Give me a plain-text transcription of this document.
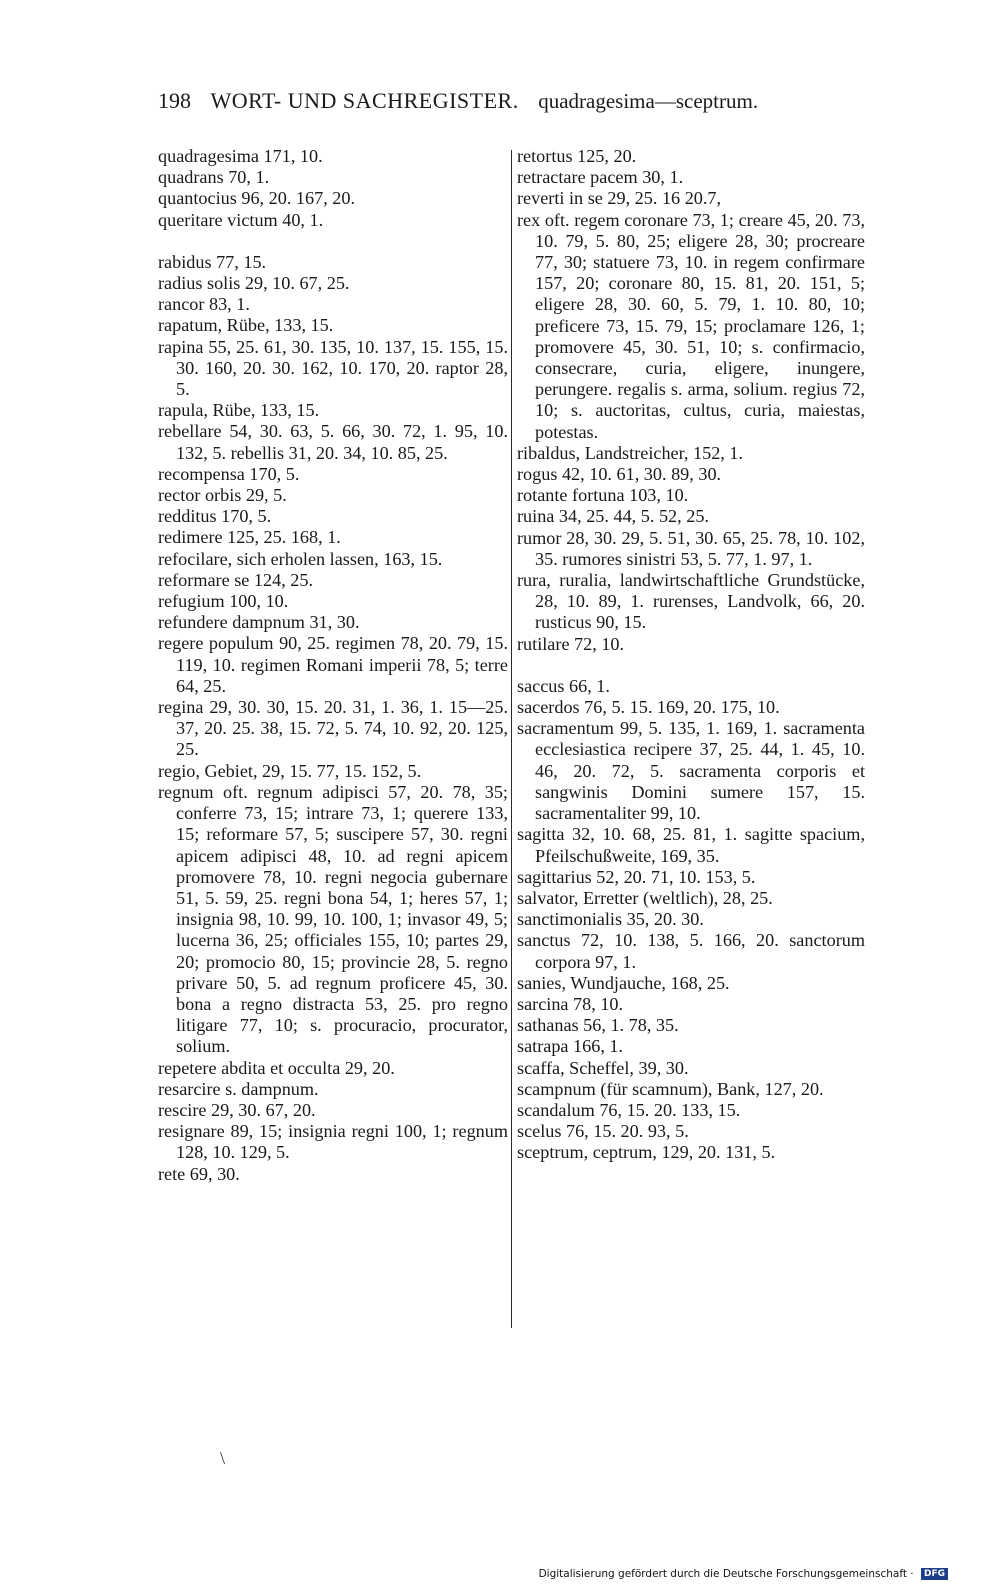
198 WORT- UND SACHREGISTER. quadragesima—sceptrum.

quadragesima 171, 10.

quadrans 70, 1.

quantocius 96, 20. 167, 20.

queritare victum 40, 1.

rabidus 77, 15.

radius solis 29, 10. 67, 25.

rancor 83, 1.

rapatum, Rübe, 133, 15.

rapina 55, 25. 61, 30. 135, 10. 137, 15. 155, 15. 30. 160, 20. 30. 162, 10. 170, 20. raptor 28, 5.

rapula, Rübe, 133, 15.

rebellare 54, 30. 63, 5. 66, 30. 72, 1. 95, 10. 132, 5. rebellis 31, 20. 34, 10. 85, 25.

recompensa 170, 5.

rector orbis 29, 5.

redditus 170, 5.

redimere 125, 25. 168, 1.

refocilare, sich erholen lassen, 163, 15.

reformare se 124, 25.

refugium 100, 10.

refundere dampnum 31, 30.

regere populum 90, 25. regimen 78, 20. 79, 15. 119, 10. regimen Romani imperii 78, 5; terre 64, 25.

regina 29, 30. 30, 15. 20. 31, 1. 36, 1. 15—25. 37, 20. 25. 38, 15. 72, 5. 74, 10. 92, 20. 125, 25.

regio, Gebiet, 29, 15. 77, 15. 152, 5.

regnum oft. regnum adipisci 57, 20. 78, 35; conferre 73, 15; intrare 73, 1; querere 133, 15; reformare 57, 5; suscipere 57, 30. regni apicem adipisci 48, 10. ad regni apicem promovere 78, 10. regni negocia gubernare 51, 5. 59, 25. regni bona 54, 1; heres 57, 1; insignia 98, 10. 99, 10. 100, 1; invasor 49, 5; lucerna 36, 25; officiales 155, 10; partes 29, 20; promocio 80, 15; provincie 28, 5. regno privare 50, 5. ad regnum proficere 45, 30. bona a regno distracta 53, 25. pro regno litigare 77, 10; s. procuracio, procurator, solium.

repetere abdita et occulta 29, 20.

resarcire s. dampnum.

rescire 29, 30. 67, 20.

resignare 89, 15; insignia regni 100, 1; regnum 128, 10. 129, 5.

rete 69, 30.

retortus 125, 20.

retractare pacem 30, 1.

reverti in se 29, 25. 16 20.7,

rex oft. regem coronare 73, 1; creare 45, 20. 73, 10. 79, 5. 80, 25; eligere 28, 30; procreare 77, 30; statuere 73, 10. in regem confirmare 157, 20; coronare 80, 15. 81, 20. 151, 5; eligere 28, 30. 60, 5. 79, 1. 10. 80, 10; preficere 73, 15. 79, 15; proclamare 126, 1; promovere 45, 30. 51, 10; s. confirmacio, consecrare, curia, eligere, inungere, perungere. regalis s. arma, solium. regius 72, 10; s. auctoritas, cultus, curia, maiestas, potestas.

ribaldus, Landstreicher, 152, 1.

rogus 42, 10. 61, 30. 89, 30.

rotante fortuna 103, 10.

ruina 34, 25. 44, 5. 52, 25.

rumor 28, 30. 29, 5. 51, 30. 65, 25. 78, 10. 102, 35. rumores sinistri 53, 5. 77, 1. 97, 1.

rura, ruralia, landwirtschaftliche Grundstücke, 28, 10. 89, 1. rurenses, Landvolk, 66, 20. rusticus 90, 15.

rutilare 72, 10.

saccus 66, 1.

sacerdos 76, 5. 15. 169, 20. 175, 10.

sacramentum 99, 5. 135, 1. 169, 1. sacramenta ecclesiastica recipere 37, 25. 44, 1. 45, 10. 46, 20. 72, 5. sacramenta corporis et sangwinis Domini sumere 157, 15. sacramentaliter 99, 10.

sagitta 32, 10. 68, 25. 81, 1. sagitte spacium, Pfeilschußweite, 169, 35.

sagittarius 52, 20. 71, 10. 153, 5.

salvator, Erretter (weltlich), 28, 25.

sanctimonialis 35, 20. 30.

sanctus 72, 10. 138, 5. 166, 20. sanctorum corpora 97, 1.

sanies, Wundjauche, 168, 25.

sarcina 78, 10.

sathanas 56, 1. 78, 35.

satrapa 166, 1.

scaffa, Scheffel, 39, 30.

scampnum (für scamnum), Bank, 127, 20.

scandalum 76, 15. 20. 133, 15.

scelus 76, 15. 20. 93, 5.

sceptrum, ceptrum, 129, 20. 131, 5.

\
Digitalisierung gefördert durch die Deutsche Forschungsgemeinschaft · DFG
